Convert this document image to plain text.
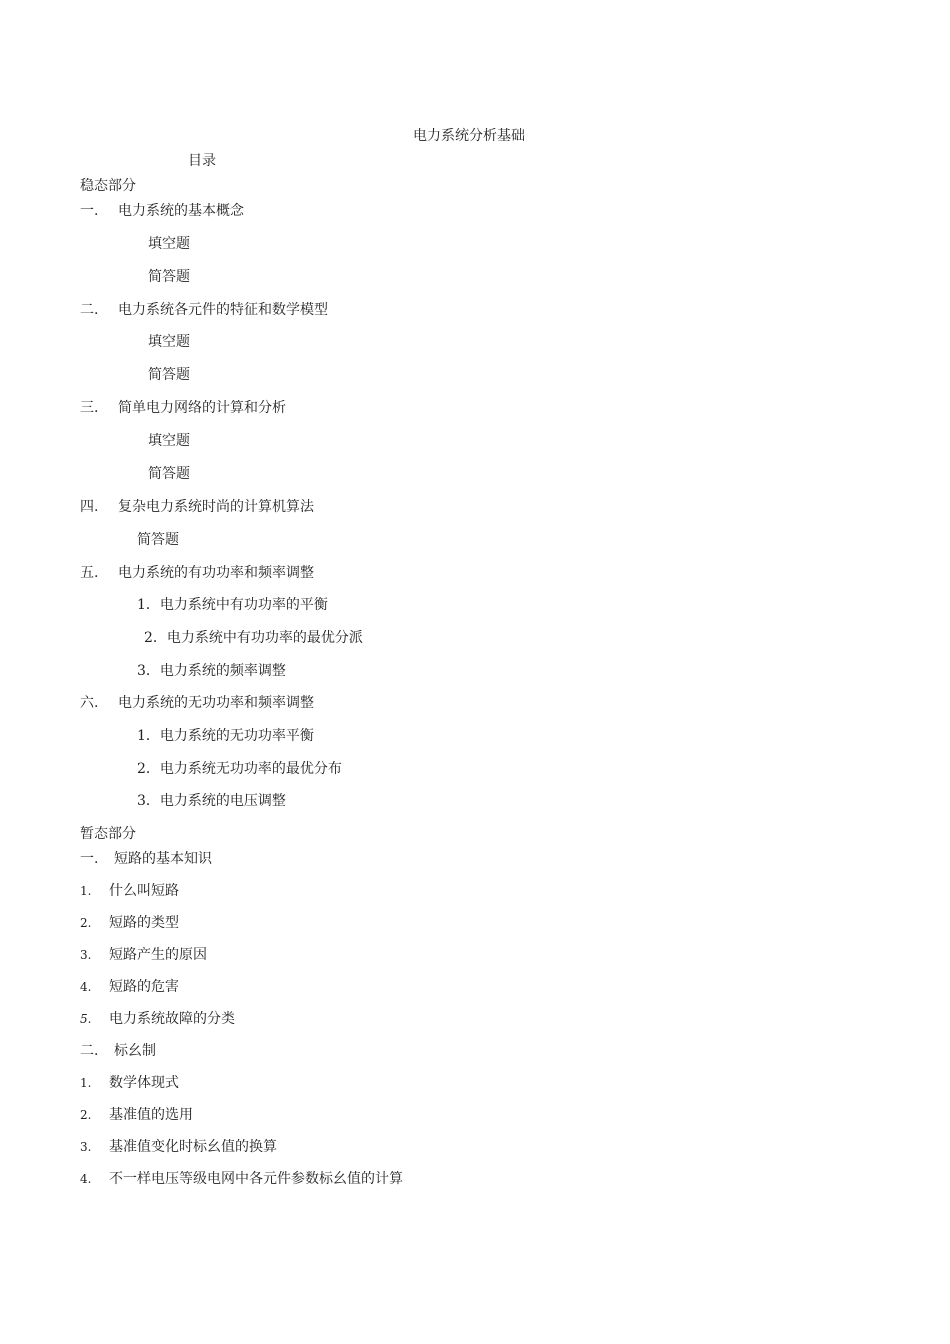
电力系统分析基础
目录
稳态部分
一. 电力系统的基本概念
填空题
简答题
二. 电力系统各元件的特征和数学模型
填空题
简答题
三. 简单电力网络的计算和分析
填空题
简答题
四. 复杂电力系统时尚的计算机算法
简答题
五. 电力系统的有功功率和频率调整
1．电力系统中有功功率的平衡
2．电力系统中有功功率的最优分派
3．电力系统的频率调整
六. 电力系统的无功功率和频率调整
1．电力系统的无功功率平衡
2．电力系统无功功率的最优分布
3．电力系统的电压调整
暂态部分
一. 短路的基本知识
1. 什么叫短路
2. 短路的类型
3. 短路产生的原因
4. 短路的危害
5. 电力系统故障的分类
二. 标幺制
1. 数学体现式
2. 基准值的选用
3. 基准值变化时标幺值的换算
4. 不一样电压等级电网中各元件参数标幺值的计算
